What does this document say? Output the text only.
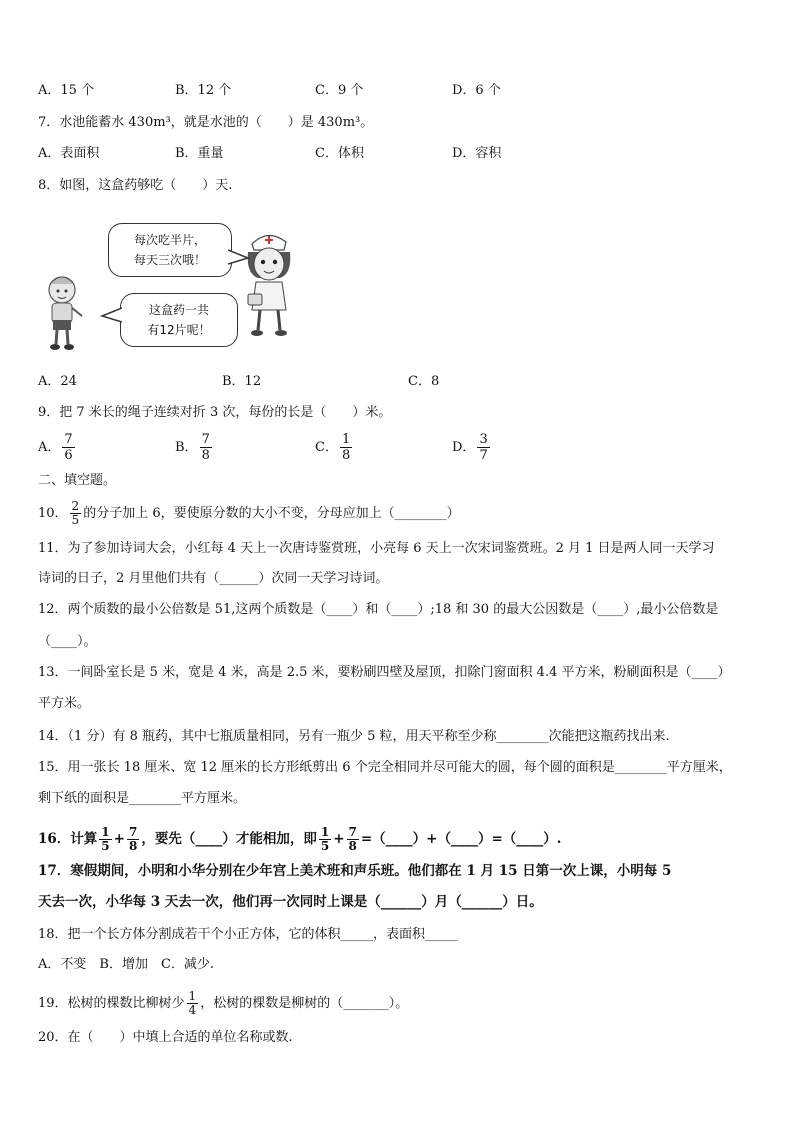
A．15 个	B．12 个	C．9 个	D．6 个
7．水池能蓄水 430m³，就是水池的（　　）是 430m³。
A．表面积	B．重量	C．体积	D．容积
8．如图，这盒药够吃（　　）天.
每次吃半片，
每天三次哦！
这盒药一共
有12片呢！
A．24	B．12	C．8
9．把 7 米长的绳子连续对折 3 次，每份的长是（　　）米。
A． $\frac{7}{6}$	B． $\frac{7}{8}$	C． $\frac{1}{8}$	D． $\frac{3}{7}$
二、填空题。
10． $\frac{2}{5}$ 的分子加上 6，要使原分数的大小不变，分母应加上（________）
11．为了参加诗词大会，小红每 4 天上一次唐诗鉴赏班，小亮每 6 天上一次宋词鉴赏班。2 月 1 日是两人同一天学习
诗词的日子，2 月里他们共有（______）次同一天学习诗词。
12．两个质数的最小公倍数是 51,这两个质数是（____）和（____）;18 和 30 的最大公因数是（____）,最小公倍数是
（____）。
13．一间卧室长是 5 米，宽是 4 米，高是 2.5 米，要粉刷四壁及屋顶，扣除门窗面积 4.4 平方米，粉刷面积是（____）
平方米。
14．（1 分）有 8 瓶药，其中七瓶质量相同，另有一瓶少 5 粒，用天平称至少称________次能把这瓶药找出来.
15．用一张长 18 厘米、宽 12 厘米的长方形纸剪出 6 个完全相同并尽可能大的圆，每个圆的面积是________平方厘米，
剩下纸的面积是________平方厘米。
16．计算 $\frac{1}{5} + \frac{7}{8}$ ，要先（____）才能相加，即 $\frac{1}{5} + \frac{7}{8}$ =（____）+（____）=（____）.
17．寒假期间，小明和小华分别在少年宫上美术班和声乐班。他们都在 1 月 15 日第一次上课，小明每 5
天去一次，小华每 3 天去一次，他们再一次同时上课是（______）月（______）日。
18．把一个长方体分割成若干个小正方体，它的体积_____，表面积_____
A．不变　B．增加　C．减少.
19．松树的棵数比柳树少 $\frac{1}{4}$ ，松树的棵数是柳树的（_______）。
20．在（　　）中填上合适的单位名称或数.
